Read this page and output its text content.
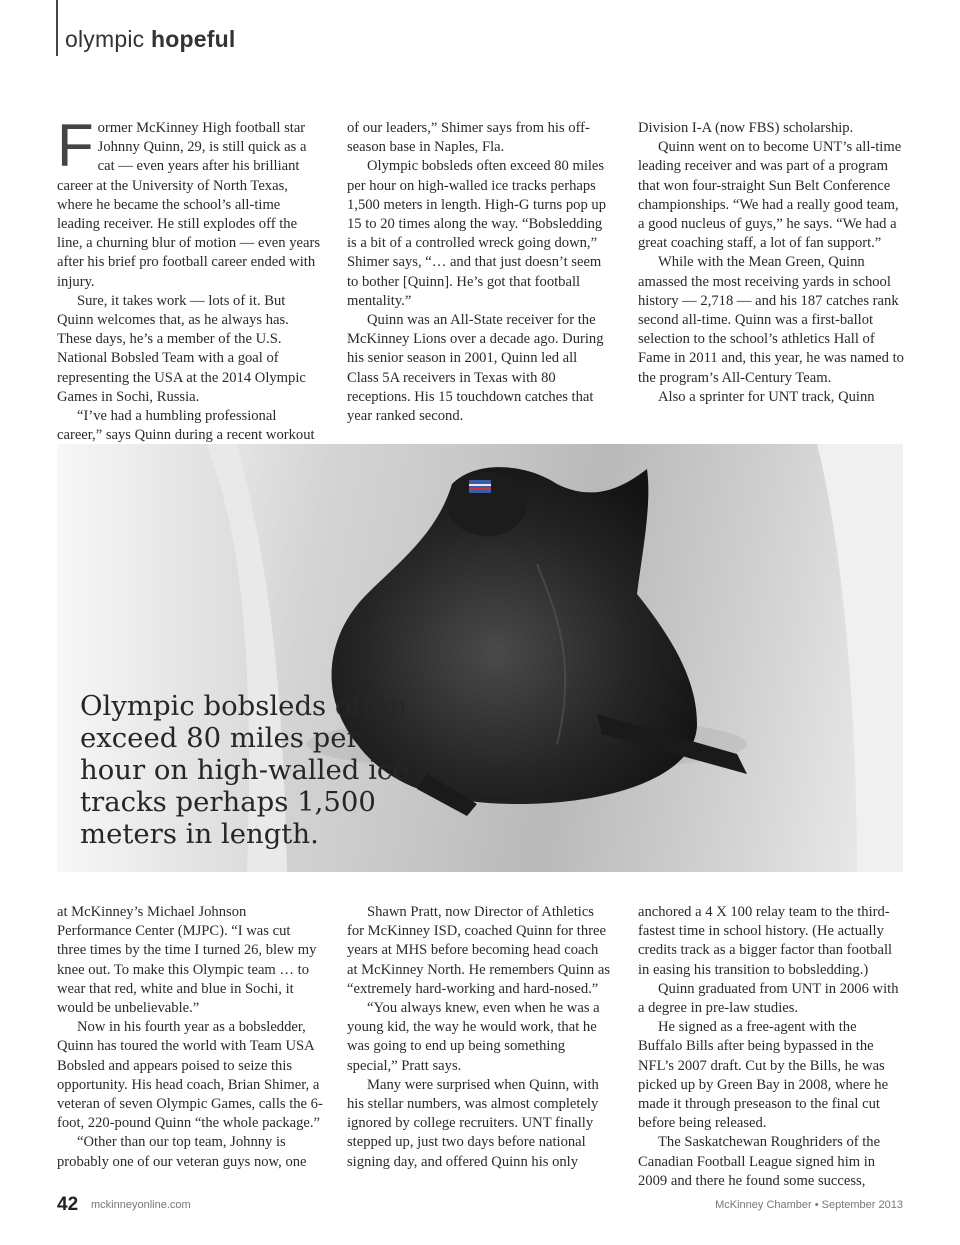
olympic hopeful

Former McKinney High football star Johnny Quinn, 29, is still quick as a cat — even years after his brilliant career at the University of North Texas, where he became the school’s all-time leading receiver. He still explodes off the line, a churning blur of motion — even years after his brief pro football career ended with injury.

Sure, it takes work — lots of it. But Quinn welcomes that, as he always has. These days, he’s a member of the U.S. National Bobsled Team with a goal of representing the USA at the 2014 Olympic Games in Sochi, Russia.

“I’ve had a humbling professional career,” says Quinn during a recent workout

of our leaders,” Shimer says from his off-season base in Naples, Fla.

Olympic bobsleds often exceed 80 miles per hour on high-walled ice tracks perhaps 1,500 meters in length. High-G turns pop up 15 to 20 times along the way. “Bobsledding is a bit of a controlled wreck going down,” Shimer says, “… and that just doesn’t seem to bother [Quinn]. He’s got that football mentality.”

Quinn was an All-State receiver for the McKinney Lions over a decade ago. During his senior season in 2001, Quinn led all Class 5A receivers in Texas with 80 receptions. His 15 touchdown catches that year ranked second.

Division I-A (now FBS) scholarship.

Quinn went on to become UNT’s all-time leading receiver and was part of a program that won four-straight Sun Belt Conference championships. “We had a really good team, a good nucleus of guys,” he says. “We had a great coaching staff, a lot of fan support.”

While with the Mean Green, Quinn amassed the most receiving yards in school history — 2,718 — and his 187 catches rank second all-time. Quinn was a first-ballot selection to the school’s athletics Hall of Fame in 2011 and, this year, he was named to the program’s All-Century Team.

Also a sprinter for UNT track, Quinn

Olympic bobsleds often exceed 80 miles per hour on high-walled ice tracks perhaps 1,500 meters in length.

at McKinney’s Michael Johnson Performance Center (MJPC). “I was cut three times by the time I turned 26, blew my knee out. To make this Olympic team … to wear that red, white and blue in Sochi, it would be unbelievable.”

Now in his fourth year as a bobsledder, Quinn has toured the world with Team USA Bobsled and appears poised to seize this opportunity. His head coach, Brian Shimer, a veteran of seven Olympic Games, calls the 6-foot, 220-pound Quinn “the whole package.”

“Other than our top team, Johnny is probably one of our veteran guys now, one

Shawn Pratt, now Director of Athletics for McKinney ISD, coached Quinn for three years at MHS before becoming head coach at McKinney North. He remembers Quinn as “extremely hard-working and hard-nosed.”

“You always knew, even when he was a young kid, the way he would work, that he was going to end up being something special,” Pratt says.

Many were surprised when Quinn, with his stellar numbers, was almost completely ignored by college recruiters. UNT finally stepped up, just two days before national signing day, and offered Quinn his only

anchored a 4 X 100 relay team to the third-fastest time in school history. (He actually credits track as a bigger factor than football in easing his transition to bobsledding.)

Quinn graduated from UNT in 2006 with a degree in pre-law studies.

He signed as a free-agent with the Buffalo Bills after being bypassed in the NFL’s 2007 draft. Cut by the Bills, he was picked up by Green Bay in 2008, where he made it through preseason to the final cut before being released.

The Saskatchewan Roughriders of the Canadian Football League signed him in 2009 and there he found some success,

42 mckinneyonline.com	McKinney Chamber • September 2013
